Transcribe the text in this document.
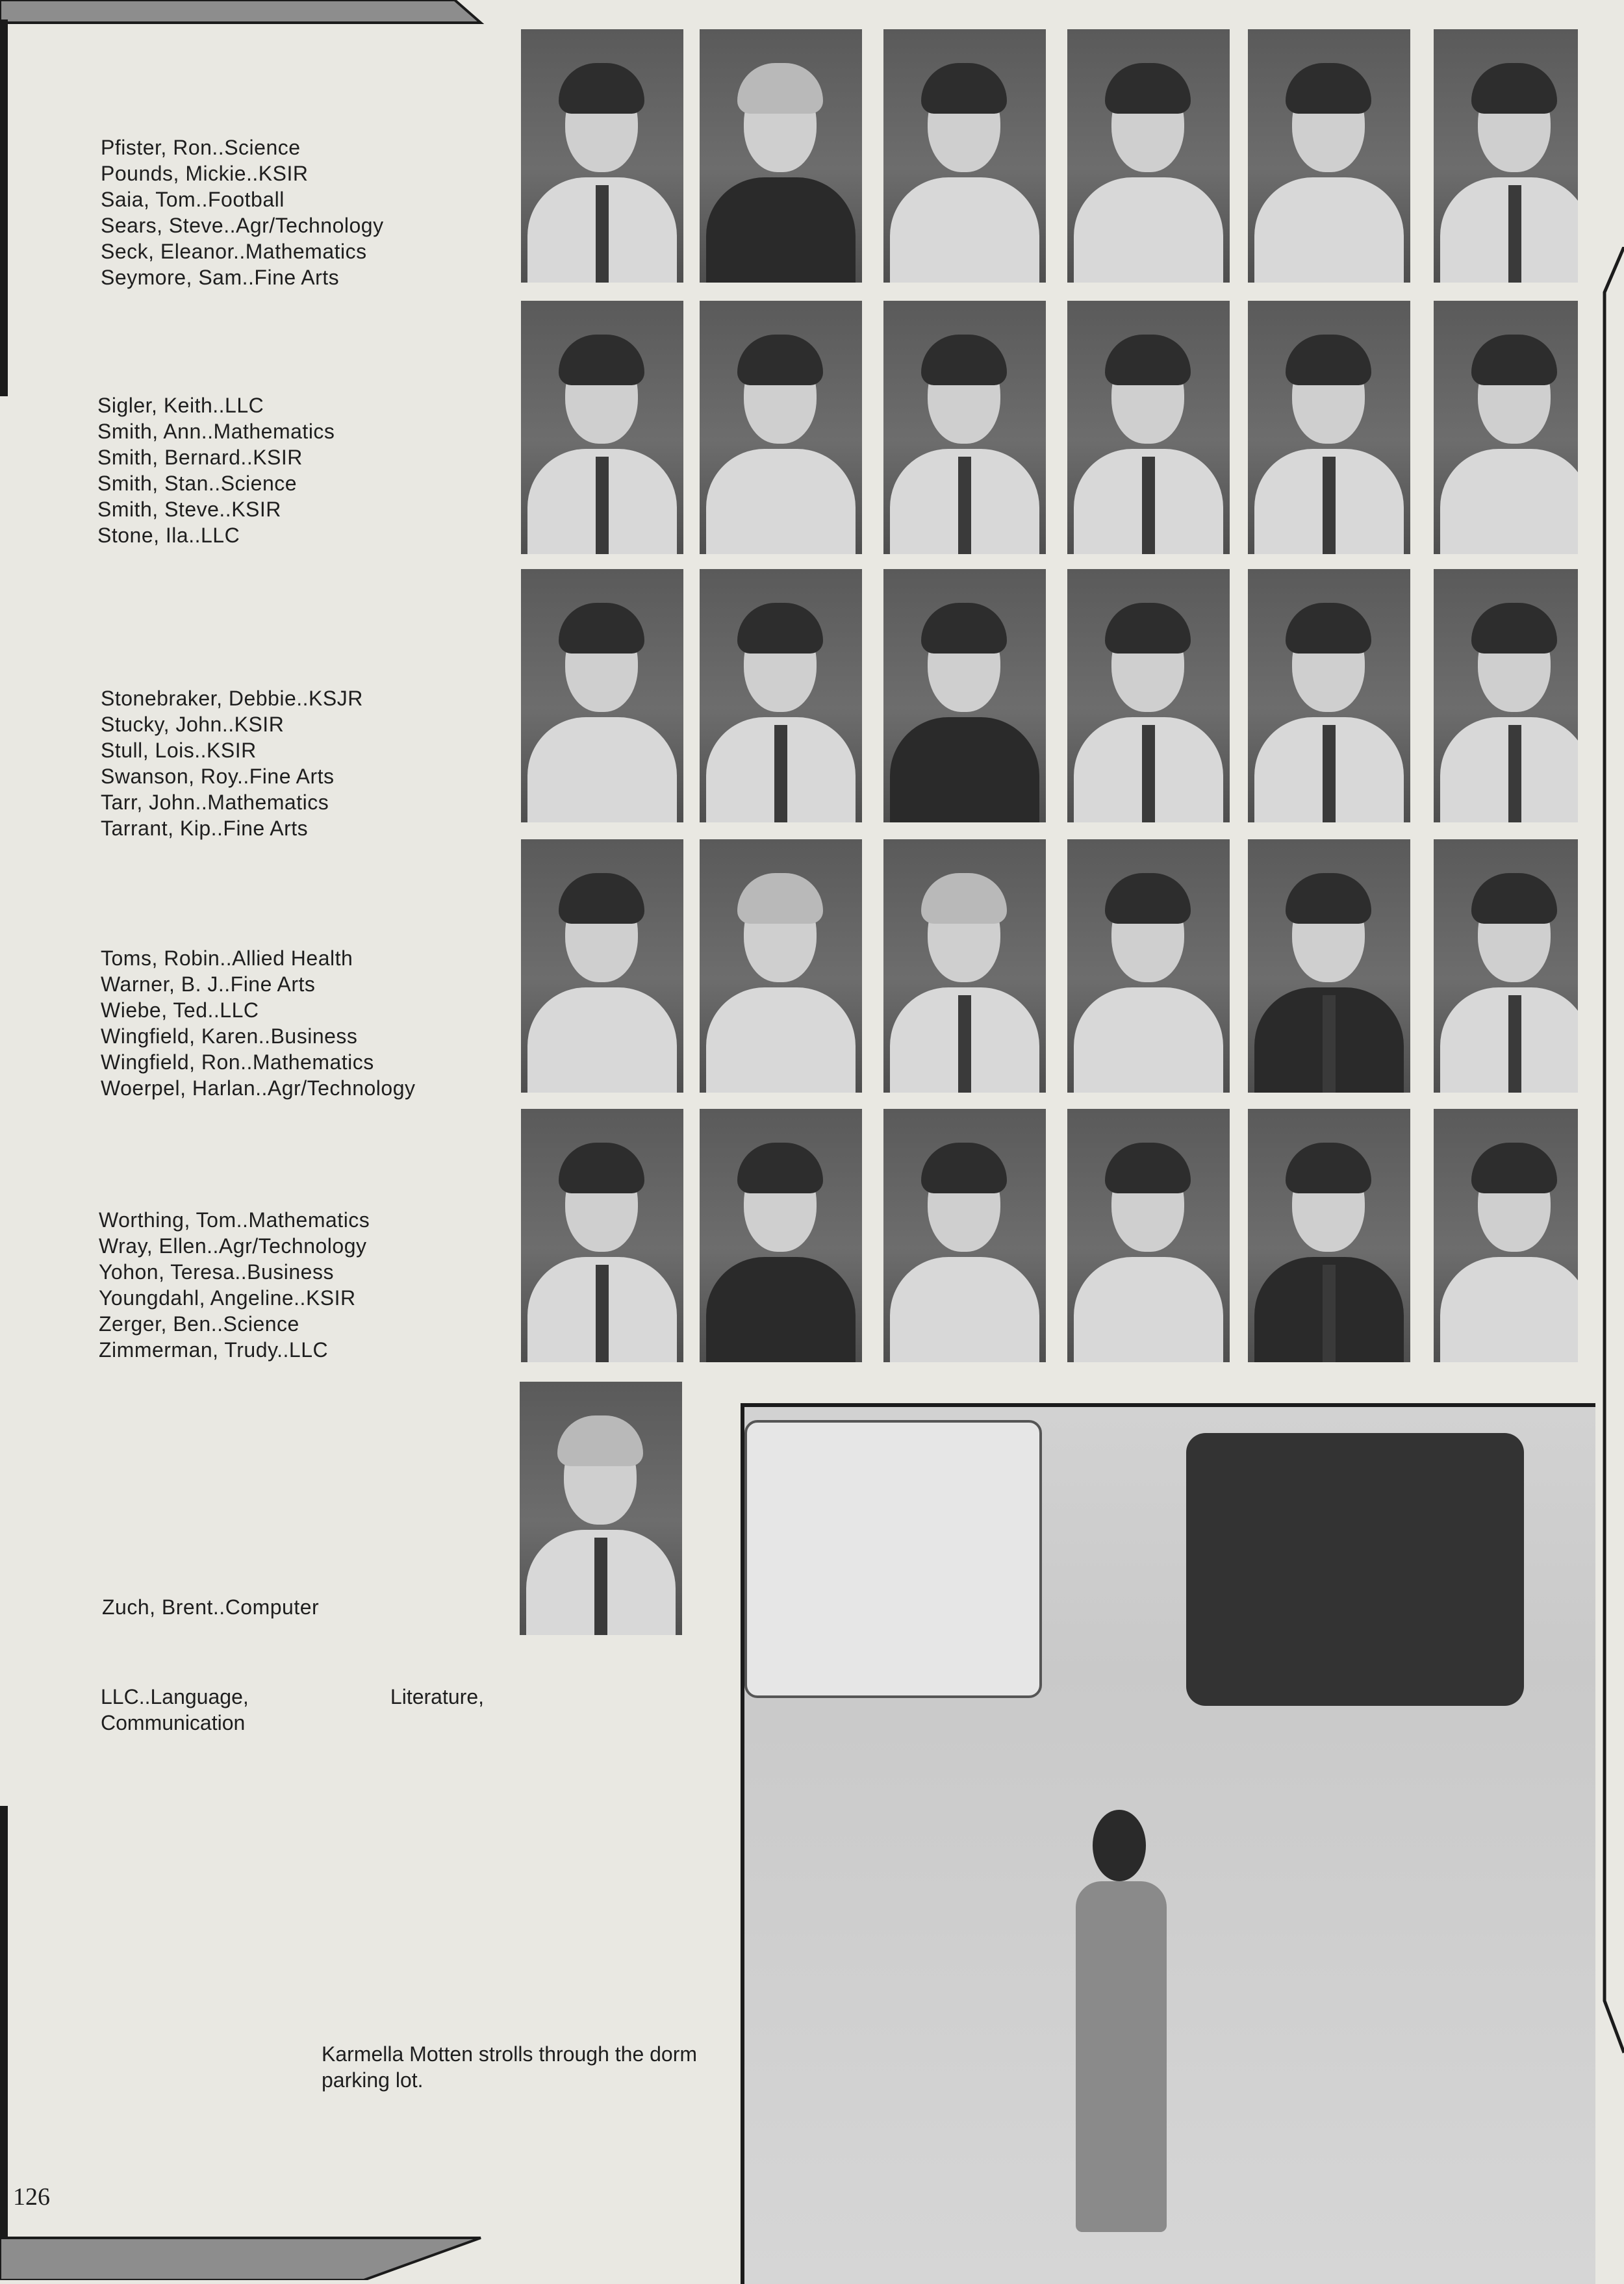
Pfister, Ron..Science
Pounds, Mickie..KSIR
Saia, Tom..Football
Sears, Steve..Agr/Technology
Seck, Eleanor..Mathematics
Seymore, Sam..Fine Arts
Sigler, Keith..LLC
Smith, Ann..Mathematics
Smith, Bernard..KSIR
Smith, Stan..Science
Smith, Steve..KSIR
Stone, Ila..LLC
Stonebraker, Debbie..KSJR
Stucky, John..KSIR
Stull, Lois..KSIR
Swanson, Roy..Fine Arts
Tarr, John..Mathematics
Tarrant, Kip..Fine Arts
Toms, Robin..Allied Health
Warner, B. J..Fine Arts
Wiebe, Ted..LLC
Wingfield, Karen..Business
Wingfield, Ron..Mathematics
Woerpel, Harlan..Agr/Technology
Worthing, Tom..Mathematics
Wray, Ellen..Agr/Technology
Yohon, Teresa..Business
Youngdahl, Angeline..KSIR
Zerger, Ben..Science
Zimmerman, Trudy..LLC
Zuch, Brent..Computer
LLC..Language, Literature, Communication
Karmella Motten strolls through the dorm parking lot.
126
